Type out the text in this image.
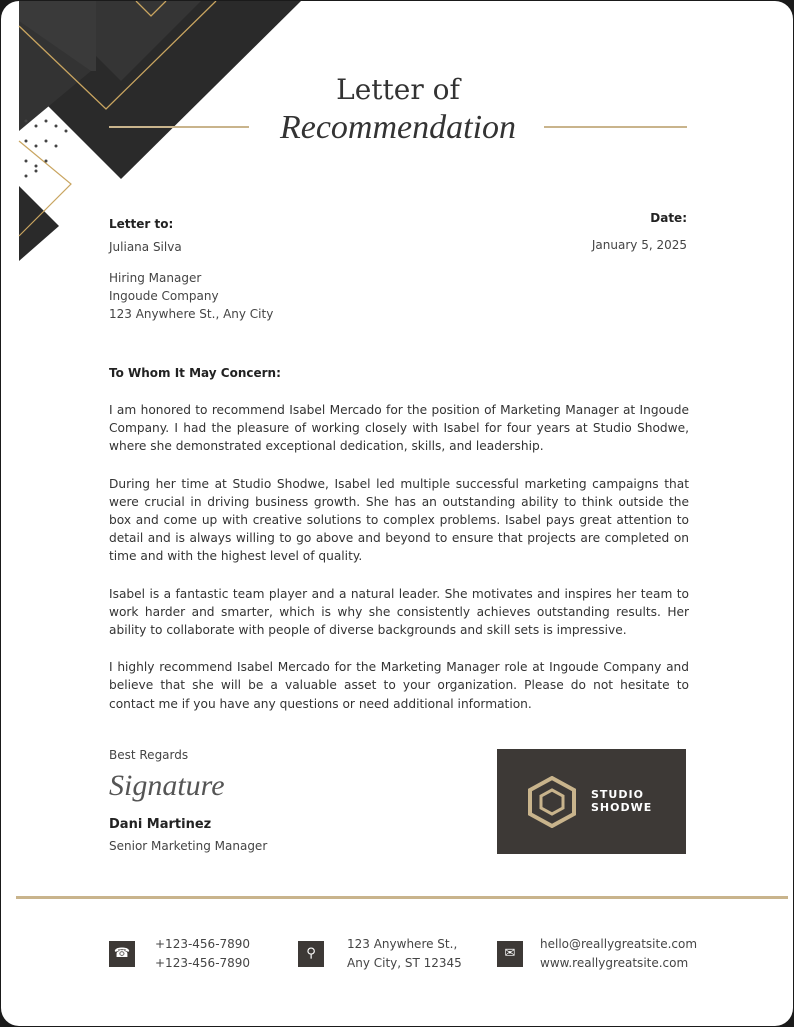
Letter of
Recommendation
Letter to:
Juliana Silva
Hiring Manager
Ingoude Company
123 Anywhere St., Any City
Date:
January 5, 2025
To Whom It May Concern:

I am honored to recommend Isabel Mercado for the position of Marketing Manager at Ingoude Company. I had the pleasure of working closely with Isabel for four years at Studio Shodwe, where she demonstrated exceptional dedication, skills, and leadership.

During her time at Studio Shodwe, Isabel led multiple successful marketing campaigns that were crucial in driving business growth. She has an outstanding ability to think outside the box and come up with creative solutions to complex problems. Isabel pays great attention to detail and is always willing to go above and beyond to ensure that projects are completed on time and with the highest level of quality.

Isabel is a fantastic team player and a natural leader. She motivates and inspires her team to work harder and smarter, which is why she consistently achieves outstanding results. Her ability to collaborate with people of diverse backgrounds and skill sets is impressive.

I highly recommend Isabel Mercado for the Marketing Manager role at Ingoude Company and believe that she will be a valuable asset to your organization. Please do not hesitate to contact me if you have any questions or need additional information.

Best Regards
Signature
Dani Martinez
Senior Marketing Manager
STUDIO
SHODWE
☎
+123-456-7890
+123-456-7890
⚲
123 Anywhere St.,
Any City, ST 12345
✉
hello@reallygreatsite.com
www.reallygreatsite.com
